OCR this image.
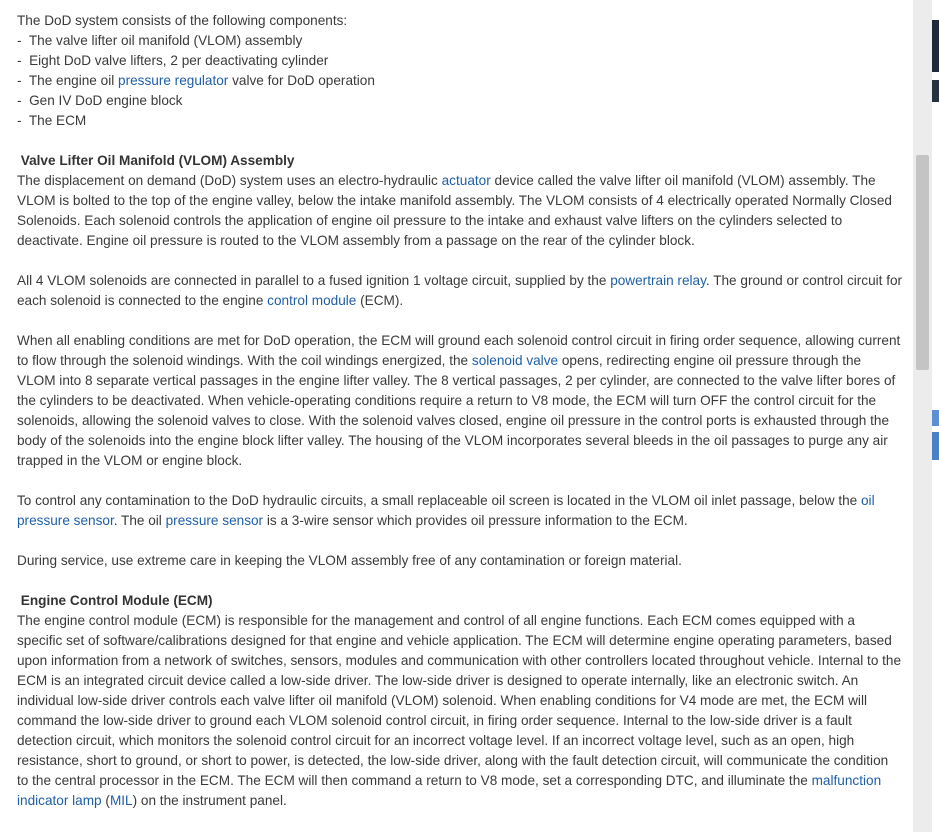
The DoD system consists of the following components:

-  The valve lifter oil manifold (VLOM) assembly

-  Eight DoD valve lifters, 2 per deactivating cylinder

-  The engine oil pressure regulator valve for DoD operation

-  Gen IV DoD engine block

-  The ECM

Valve Lifter Oil Manifold (VLOM) Assembly

The displacement on demand (DoD) system uses an electro-hydraulic actuator device called the valve lifter oil manifold (VLOM) assembly. The VLOM is bolted to the top of the engine valley, below the intake manifold assembly. The VLOM consists of 4 electrically operated Normally Closed Solenoids. Each solenoid controls the application of engine oil pressure to the intake and exhaust valve lifters on the cylinders selected to deactivate. Engine oil pressure is routed to the VLOM assembly from a passage on the rear of the cylinder block.

All 4 VLOM solenoids are connected in parallel to a fused ignition 1 voltage circuit, supplied by the powertrain relay. The ground or control circuit for each solenoid is connected to the engine control module (ECM).

When all enabling conditions are met for DoD operation, the ECM will ground each solenoid control circuit in firing order sequence, allowing current to flow through the solenoid windings. With the coil windings energized, the solenoid valve opens, redirecting engine oil pressure through the VLOM into 8 separate vertical passages in the engine lifter valley. The 8 vertical passages, 2 per cylinder, are connected to the valve lifter bores of the cylinders to be deactivated. When vehicle-operating conditions require a return to V8 mode, the ECM will turn OFF the control circuit for the solenoids, allowing the solenoid valves to close. With the solenoid valves closed, engine oil pressure in the control ports is exhausted through the body of the solenoids into the engine block lifter valley. The housing of the VLOM incorporates several bleeds in the oil passages to purge any air trapped in the VLOM or engine block.

To control any contamination to the DoD hydraulic circuits, a small replaceable oil screen is located in the VLOM oil inlet passage, below the oil pressure sensor. The oil pressure sensor is a 3-wire sensor which provides oil pressure information to the ECM.

During service, use extreme care in keeping the VLOM assembly free of any contamination or foreign material.

Engine Control Module (ECM)

The engine control module (ECM) is responsible for the management and control of all engine functions. Each ECM comes equipped with a specific set of software/calibrations designed for that engine and vehicle application. The ECM will determine engine operating parameters, based upon information from a network of switches, sensors, modules and communication with other controllers located throughout vehicle. Internal to the ECM is an integrated circuit device called a low-side driver. The low-side driver is designed to operate internally, like an electronic switch. An individual low-side driver controls each valve lifter oil manifold (VLOM) solenoid. When enabling conditions for V4 mode are met, the ECM will command the low-side driver to ground each VLOM solenoid control circuit, in firing order sequence. Internal to the low-side driver is a fault detection circuit, which monitors the solenoid control circuit for an incorrect voltage level. If an incorrect voltage level, such as an open, high resistance, short to ground, or short to power, is detected, the low-side driver, along with the fault detection circuit, will communicate the condition to the central processor in the ECM. The ECM will then command a return to V8 mode, set a corresponding DTC, and illuminate the malfunction indicator lamp (MIL) on the instrument panel.
